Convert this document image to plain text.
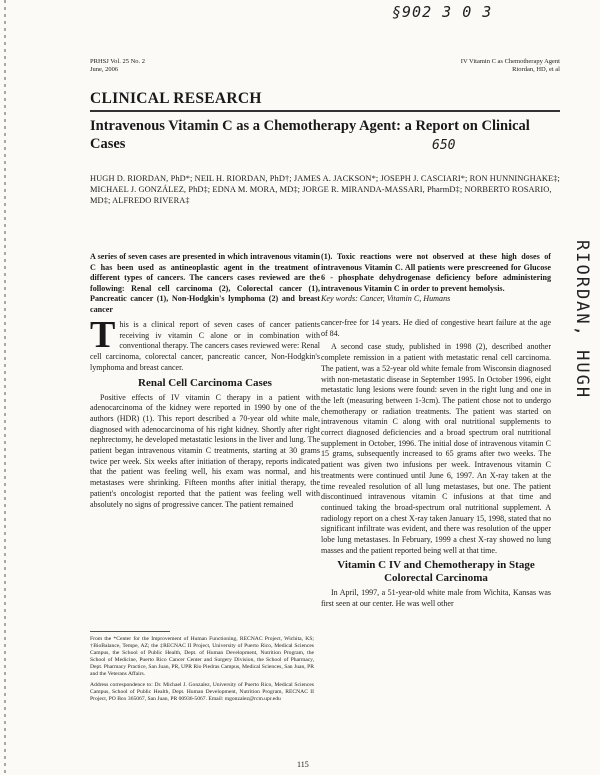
§902 3 0 3
650
RIORDAN, HUGH
PRHSJ Vol. 25 No. 2
June, 2006
IV Vitamin C as Chemotherapy Agent
Riordan, HD, et al
CLINICAL RESEARCH
Intravenous Vitamin C as a Chemotherapy Agent: a Report on Clinical Cases
HUGH D. RIORDAN, PhD*; NEIL H. RIORDAN, PhD†; JAMES A. JACKSON*; JOSEPH J. CASCIARI*; RON HUNNINGHAKE‡; MICHAEL J. GONZÁLEZ, PhD‡; EDNA M. MORA, MD‡; JORGE R. MIRANDA-MASSARI, PharmD‡; NORBERTO ROSARIO, MD‡; ALFREDO RIVERA‡
A series of seven cases are presented in which intravenous vitamin C has been used as antineoplastic agent in the treatment of different types of cancers. The cancers cases reviewed are the following: Renal cell carcinoma (2), Colorectal cancer (1), Pancreatic cancer (1), Non-Hodgkin's lymphoma (2) and breast cancer
(1). Toxic reactions were not observed at these high doses of intravenous Vitamin C. All patients were prescreened for Glucose 6 - phosphate dehydrogenase deficiency before administering intravenous Vitamin C in order to prevent hemolysis.
Key words: Cancer, Vitamin C, Humans

This is a clinical report of seven cases of cancer patients receiving iv vitamin C alone or in combination with conventional therapy. The cancers cases reviewed were: Renal cell carcinoma, colorectal cancer, pancreatic cancer, Non-Hodgkin's lymphoma and breast cancer.

Renal Cell Carcinoma Cases

Positive effects of IV vitamin C therapy in a patient with adenocarcinoma of the kidney were reported in 1990 by one of the authors (HDR) (1). This report described a 70-year old white male, diagnosed with adenocarcinoma of his right kidney. Shortly after right nephrectomy, he developed metastatic lesions in the liver and lung. The patient began intravenous vitamin C treatments, starting at 30 grams twice per week. Six weeks after initiation of therapy, reports indicated that the patient was feeling well, his exam was normal, and his metastases were shrinking. Fifteen months after initial therapy, the patient's oncologist reported that the patient was feeling well with absolutely no signs of progressive cancer. The patient remained

cancer-free for 14 years. He died of congestive heart failure at the age of 84.

A second case study, published in 1998 (2), described another complete remission in a patient with metastatic renal cell carcinoma. The patient, was a 52-year old white female from Wisconsin diagnosed with non-metastatic disease in September 1995. In October 1996, eight metastatic lung lesions were found: seven in the right lung and one in the left (measuring between 1-3cm). The patient chose not to undergo chemotherapy or radiation treatments. The patient was started on intravenous vitamin C along with oral nutritional supplements to correct diagnosed deficiencies and a broad spectrum oral nutritional supplement in October, 1996. The initial dose of intravenous vitamin C 15 grams, subsequently increased to 65 grams after two weeks. The patient was given two infusions per week. Intravenous vitamin C treatments were continued until June 6, 1997. An X-ray taken at the time revealed resolution of all lung metastases, but one. The patient discontinued intravenous vitamin C infusions at that time and continued taking the broad-spectrum oral nutritional supplement. A radiology report on a chest X-ray taken January 15, 1998, stated that no significant infiltrate was evident, and there was resolution of the upper lobe lung metastases. In February, 1999 a chest X-ray showed no lung masses and the patient reported being well at that time.

Vitamin C IV and Chemotherapy in Stage Colorectal Carcinoma

In April, 1997, a 51-year-old white male from Wichita, Kansas was first seen at our center. He was well other

From the *Center for the Improvement of Human Functioning, RECNAC Project, Wichita, KS; †BioBalance, Tempe, AZ; the ‡RECNAC II Project, University of Puerto Rico, Medical Sciences Campus, the School of Public Health, Dept. of Human Development, Nutrition Program, the School of Medicine, Puerto Rico Cancer Center and Surgery Division, the School of Pharmacy, Dept. Pharmacy Practice, San Juan, PR, UPR Rio Piedras Campus, Medical Sciences, San Juan, PR and the Veterans Affairs.

Address correspondence to: Dr. Michael J. Gonzalez, University of Puerto Rico, Medical Sciences Campus, School of Public Health, Dept. Human Development, Nutrition Program, RECNAC II Project, PO Box 365067, San Juan, PR 00936-5067. Email: mgonzalez@rcm.upr.edu

115
